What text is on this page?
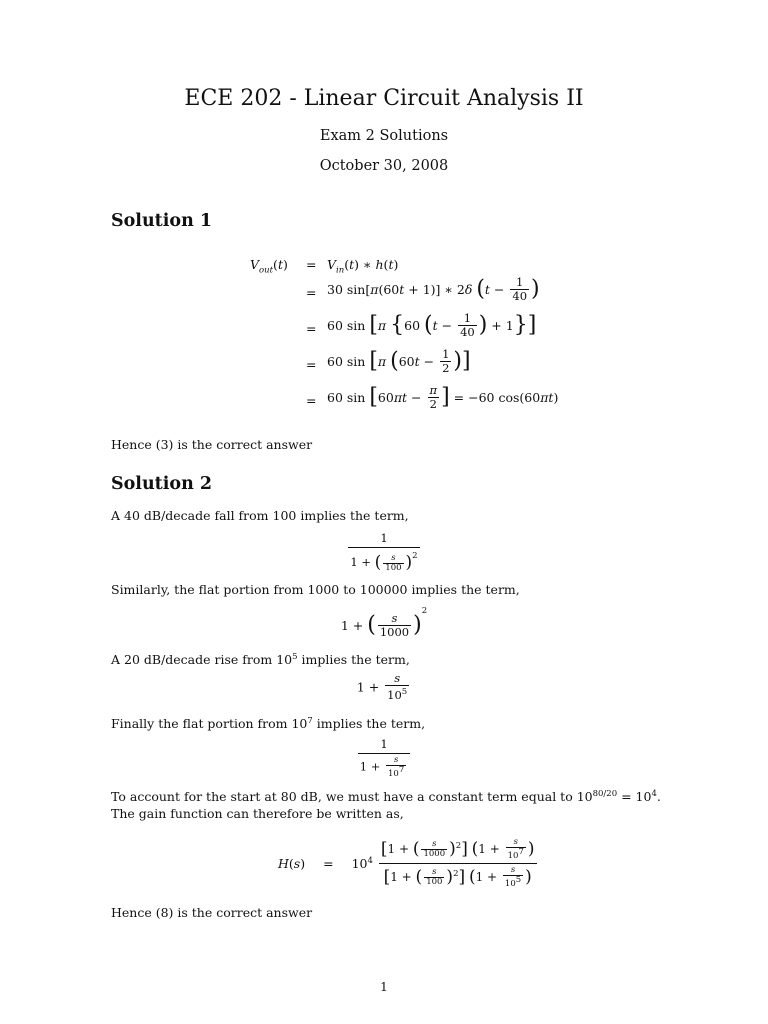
ECE 202 - Linear Circuit Analysis II
Exam 2 Solutions
October 30, 2008
Solution 1
$V_{out}(t) = V_{in}(t)$ ∗ h(t)
= 30 sin[π(60t + 1)] ∗ 2δ ($t - \frac{1}{40}$ )
= 60 sin [π {60 ($t - \frac{1}{40}$ ) + 1}]
= 60 sin [π ($60t - \frac{1}{2}$ )]
= 60 $\sin [60\pi t - \frac{\pi}{2}$ ] = −60 cos(60πt)
Hence (3) is the correct answer
Solution 2
A 40 dB/decade fall from 100 implies the term,
$\frac{1}{1 + ( \frac{s}{100} )^2}$
Similarly, the flat portion from 1000 to 100000 implies the term,
1 + ( $\frac{s}{1000} )^2$
A 20 dB/decade rise from $10^5$ implies the term,
$1 + \frac{s}{10^5}$
Finally the flat portion from $10^7$ implies the term,
$\frac{1}{1 + \frac{s}{10^7}}$
To account for the start at 80 dB, we must have a constant term equal to $10^{80/20} = 10^4$. The gain function can therefore be written as,
$H(s) = 10^4 \frac{[1 + ( \frac{s}{1000} )^2] (1 + \frac{s}{10^7} )}{[1 + ( \frac{s}{100} )^2] (1 + \frac{s}{10^5} )}$
Hence (8) is the correct answer
1
